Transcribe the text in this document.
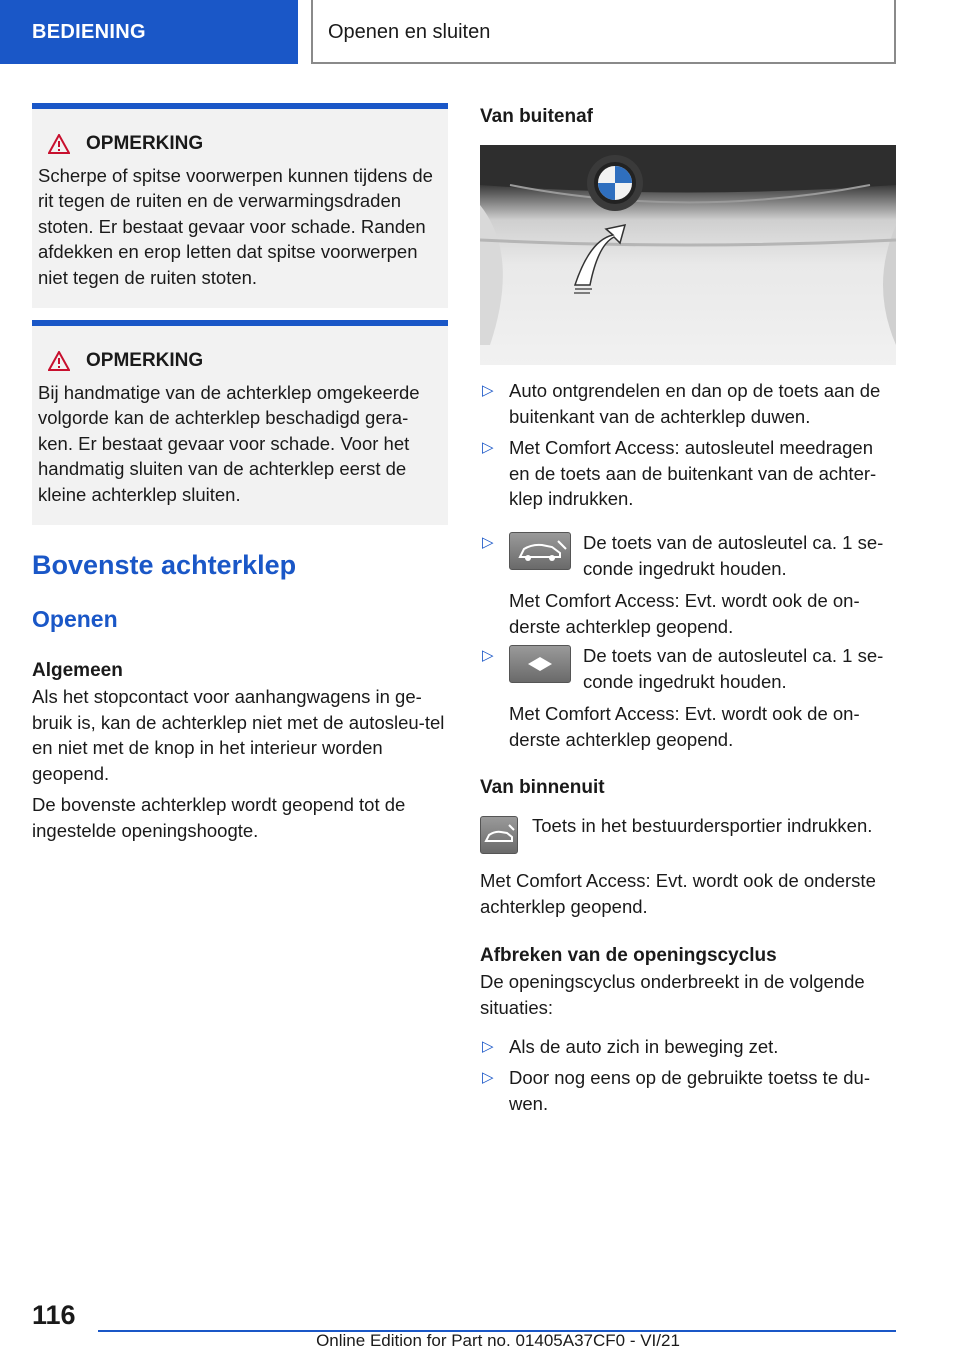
BEDIENING	Openen en sluiten
OPMERKING

Scherpe of spitse voorwerpen kunnen tijdens de rit tegen de ruiten en de verwarmingsdraden stoten. Er bestaat gevaar voor schade. Randen afdekken en erop letten dat spitse voorwerpen niet tegen de ruiten stoten.

OPMERKING

Bij handmatige van de achterklep omgekeerde volgorde kan de achterklep beschadigd gera-ken. Er bestaat gevaar voor schade. Voor het handmatig sluiten van de achterklep eerst de kleine achterklep sluiten.

Bovenste achterklep
Openen
Algemeen

Als het stopcontact voor aanhangwagens in ge-bruik is, kan de achterklep niet met de autosleu-tel en niet met de knop in het interieur worden geopend.

De bovenste achterklep wordt geopend tot de ingestelde openingshoogte.

Van buitenaf
▷ Auto ontgrendelen en dan op de toets aan de buitenkant van de achterklep duwen.
▷ Met Comfort Access: autosleutel meedragen en de toets aan de buitenkant van de achter-klep indrukken.
▷	De toets van de autosleutel ca. 1 se-conde ingedrukt houden.
Met Comfort Access: Evt. wordt ook de on-derste achterklep geopend.
▷	De toets van de autosleutel ca. 1 se-conde ingedrukt houden.
Met Comfort Access: Evt. wordt ook de on-derste achterklep geopend.
Van binnenuit
Toets in het bestuurdersportier indrukken.

Met Comfort Access: Evt. wordt ook de onderste achterklep geopend.

Afbreken van de openingscyclus

De openingscyclus onderbreekt in de volgende situaties:

▷ Als de auto zich in beweging zet.
▷ Door nog eens op de gebruikte toetss te du-wen.
116
Online Edition for Part no. 01405A37CF0 - VI/21
